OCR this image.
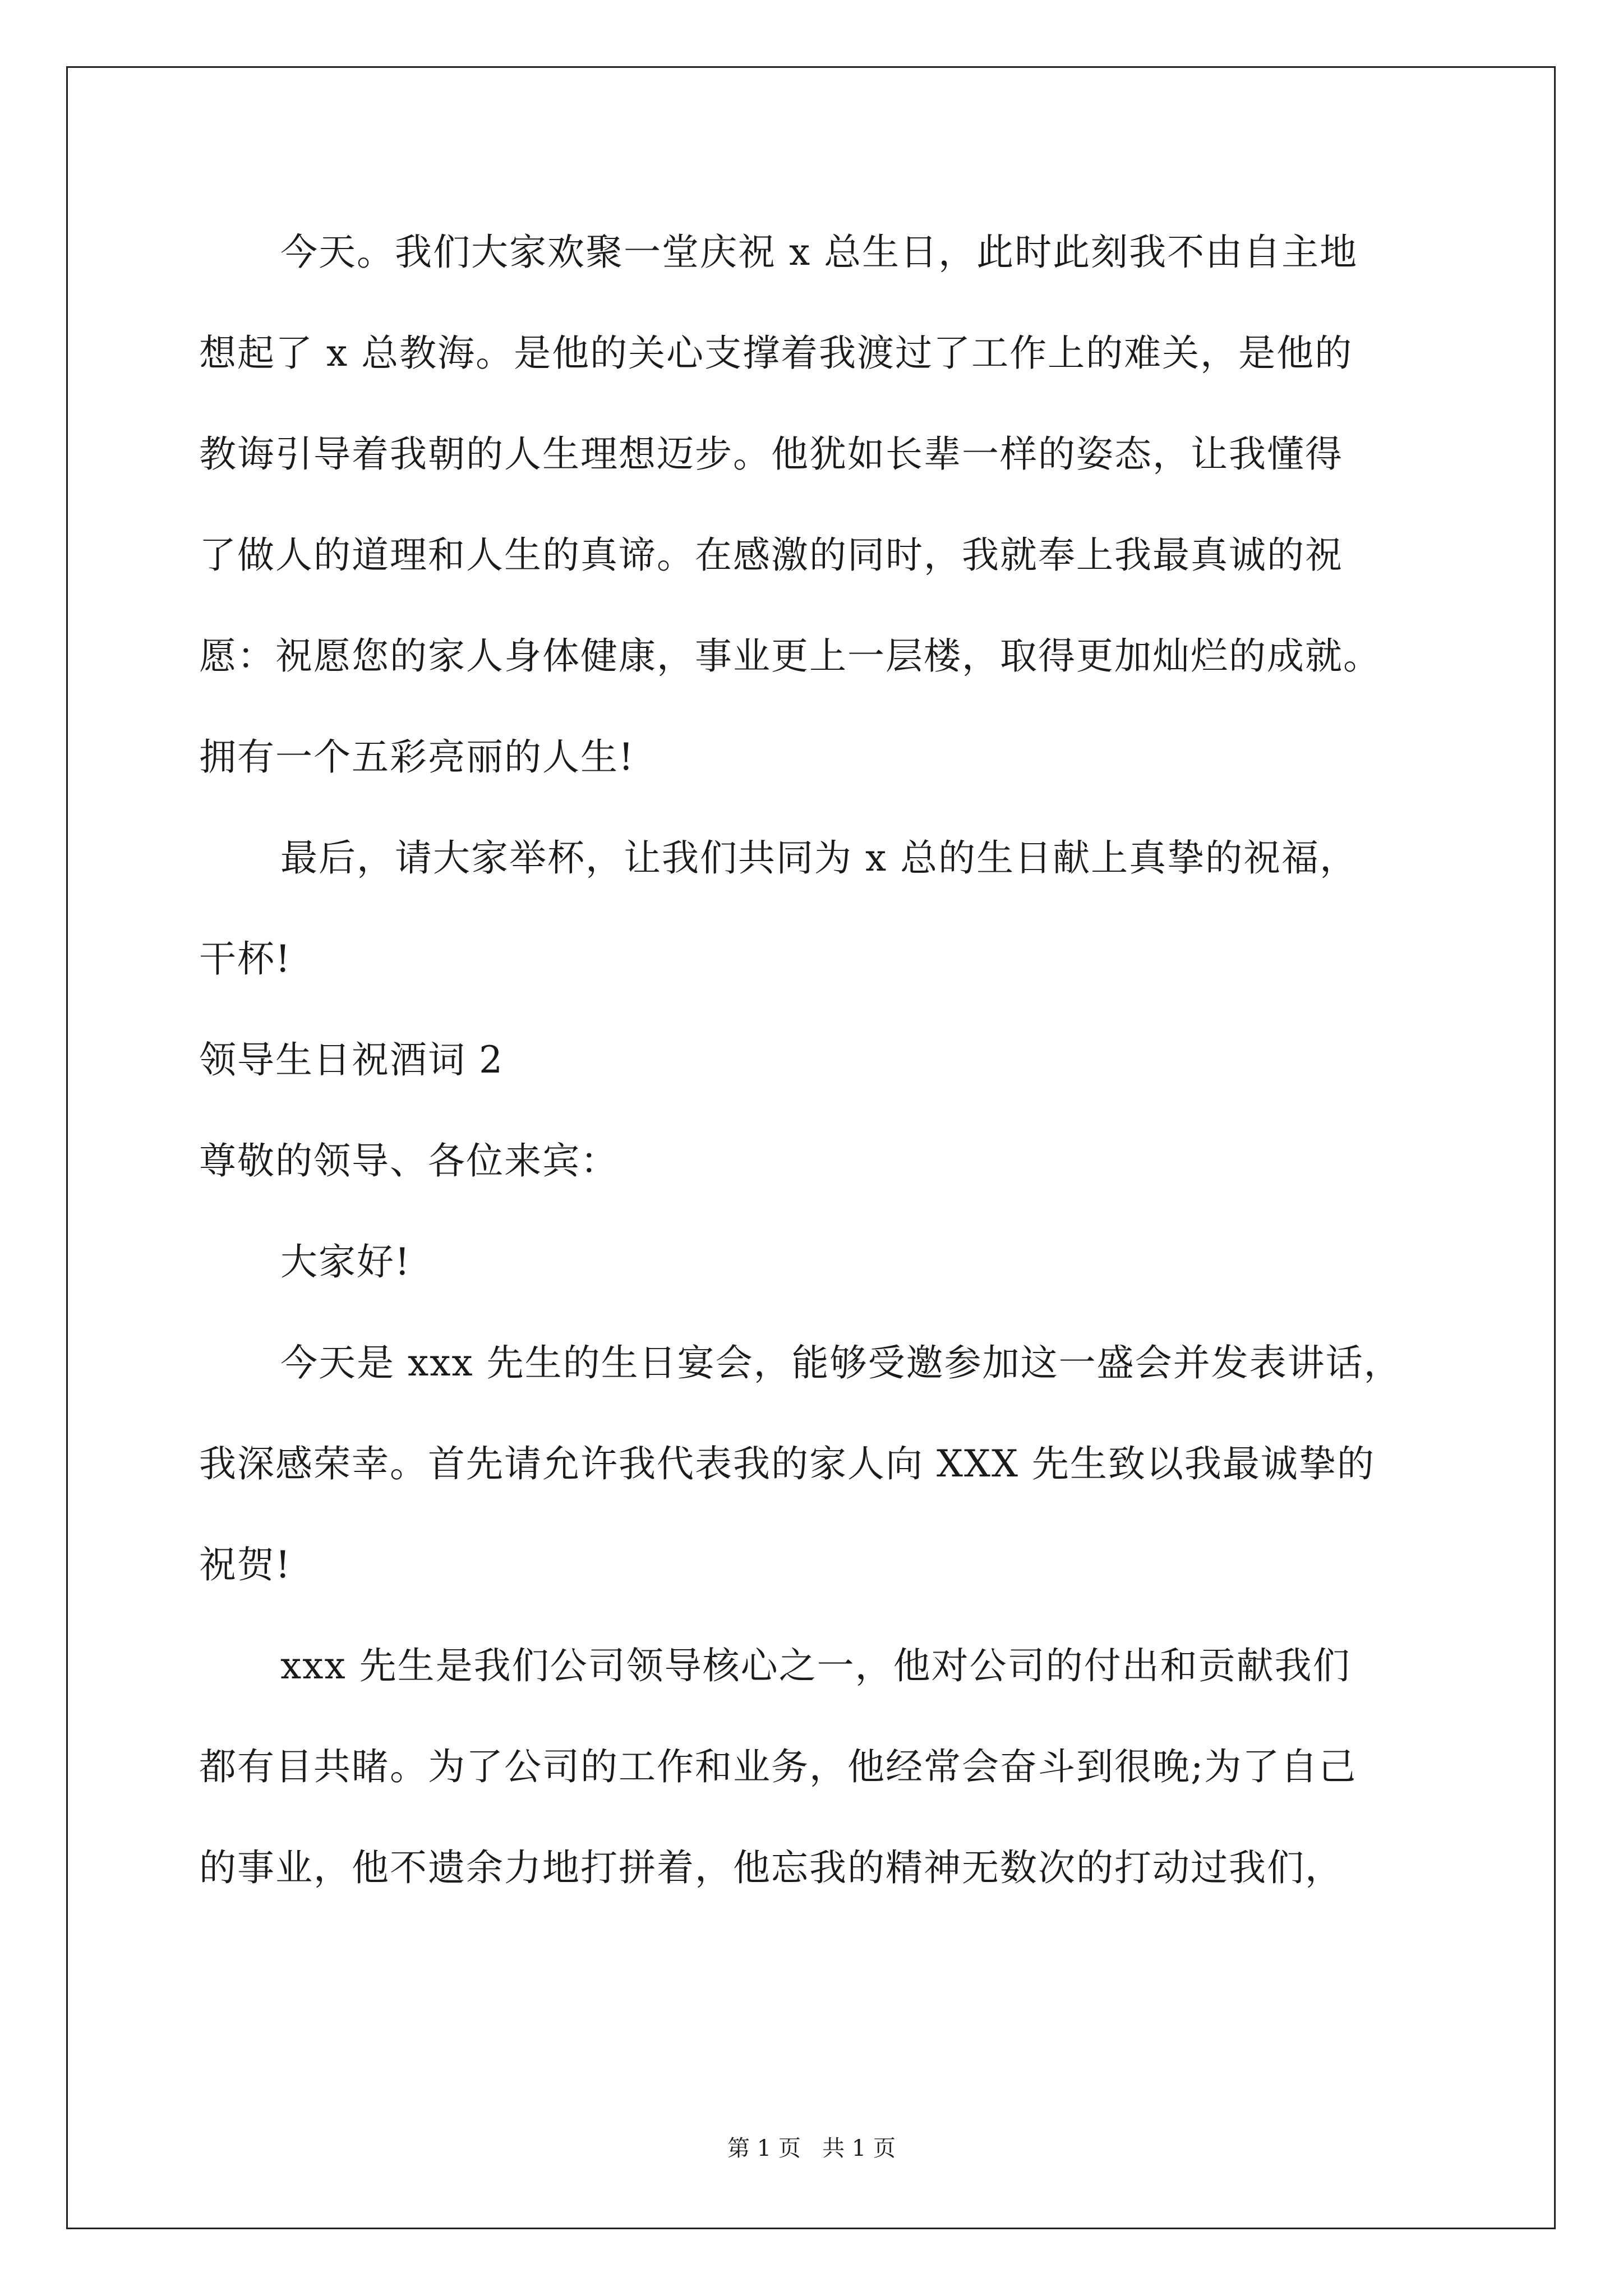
今天。我们大家欢聚一堂庆祝 x 总生日，此时此刻我不由自主地
想起了 x 总教海。是他的关心支撑着我渡过了工作上的难关，是他的
教诲引导着我朝的人生理想迈步。他犹如长辈一样的姿态，让我懂得
了做人的道理和人生的真谛。在感激的同时，我就奉上我最真诚的祝
愿：祝愿您的家人身体健康，事业更上一层楼，取得更加灿烂的成就。
拥有一个五彩亮丽的人生!
最后，请大家举杯，让我们共同为 x 总的生日献上真挚的祝福，
干杯!
领导生日祝酒词 2
尊敬的领导、各位来宾：
大家好!
今天是 xxx 先生的生日宴会，能够受邀参加这一盛会并发表讲话，
我深感荣幸。首先请允许我代表我的家人向 XXX 先生致以我最诚挚的
祝贺!
xxx 先生是我们公司领导核心之一，他对公司的付出和贡献我们
都有目共睹。为了公司的工作和业务，他经常会奋斗到很晚;为了自己
的事业，他不遗余力地打拼着，他忘我的精神无数次的打动过我们，
第 1 页   共 1 页
